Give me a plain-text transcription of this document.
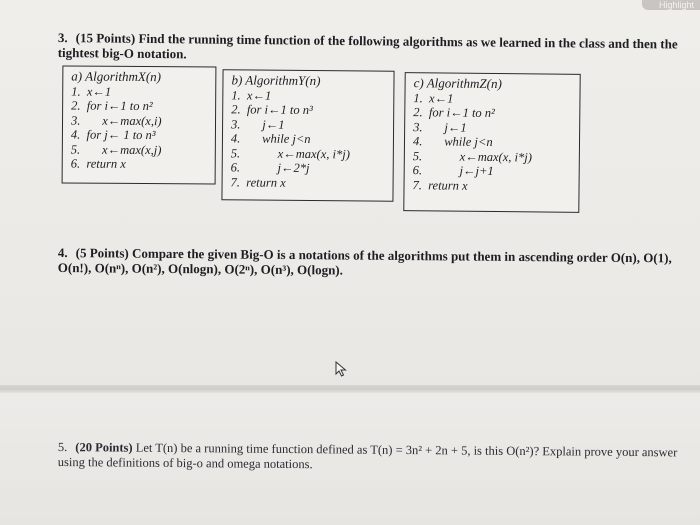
Highlight
3. (15 Points) Find the running time function of the following algorithms as we learned in the class and then the tightest big-O notation.
a) AlgorithmX(n)
1.  x←1
2.  for i←1 to n²
3.       x←max(x,i)
4.  for j← 1 to n³
5.       x←max(x,j)
6.  return x
b) AlgorithmY(n)
1.  x←1
2.  for i←1 to n³
3.       j←1
4.       while j<n
5.            x←max(x, i*j)
6.            j←2*j
7.  return x
c) AlgorithmZ(n)
1.  x←1
2.  for i←1 to n²
3.       j←1
4.       while j<n
5.            x←max(x, i*j)
6.            j←j+1
7.  return x
4. (5 Points) Compare the given Big-O is a notations of the algorithms put them in ascending order O(n), O(1), O(n!), O(nⁿ), O(n²), O(nlogn), O(2ⁿ), O(n³), O(logn).
5. (20 Points) Let T(n) be a running time function defined as T(n) = 3n² + 2n + 5, is this O(n²)? Explain prove your answer using the definitions of big-o and omega notations.
